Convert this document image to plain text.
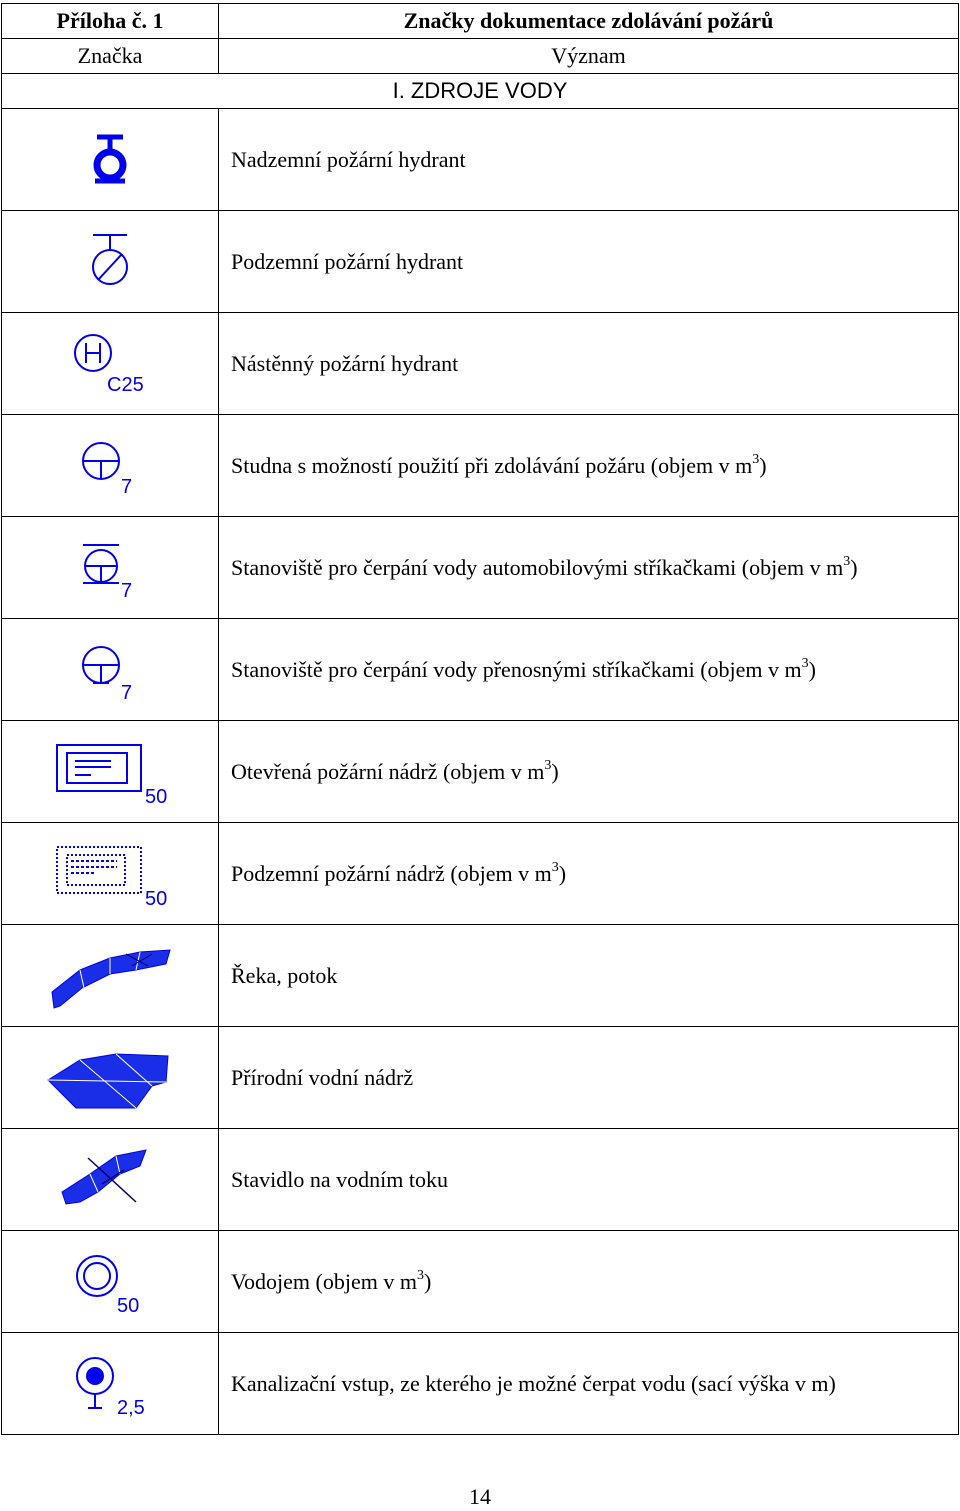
Příloha č. 1	Značky dokumentace zdolávání požárů
Značka	Význam
I. ZDROJE VODY	

	Nadzemní požární hydrant

	Podzemní požární hydrant

C25	Nástěnný požární hydrant

7	Studna s možností použití při zdolávání požáru (objem v $m^3$)

7	Stanoviště pro čerpání vody automobilovými stříkačkami (objem v $m^3$)

7	Stanoviště pro čerpání vody přenosnými stříkačkami (objem v $m^3$)

50	Otevřená požární nádrž (objem v $m^3$)

50	Podzemní požární nádrž (objem v $m^3$)

	Řeka, potok

	Přírodní vodní nádrž

	Stavidlo na vodním toku

50	Vodojem (objem v $m^3$)

2,5	Kanalizační vstup, ze kterého je možné čerpat vodu (sací výška v m)
14
